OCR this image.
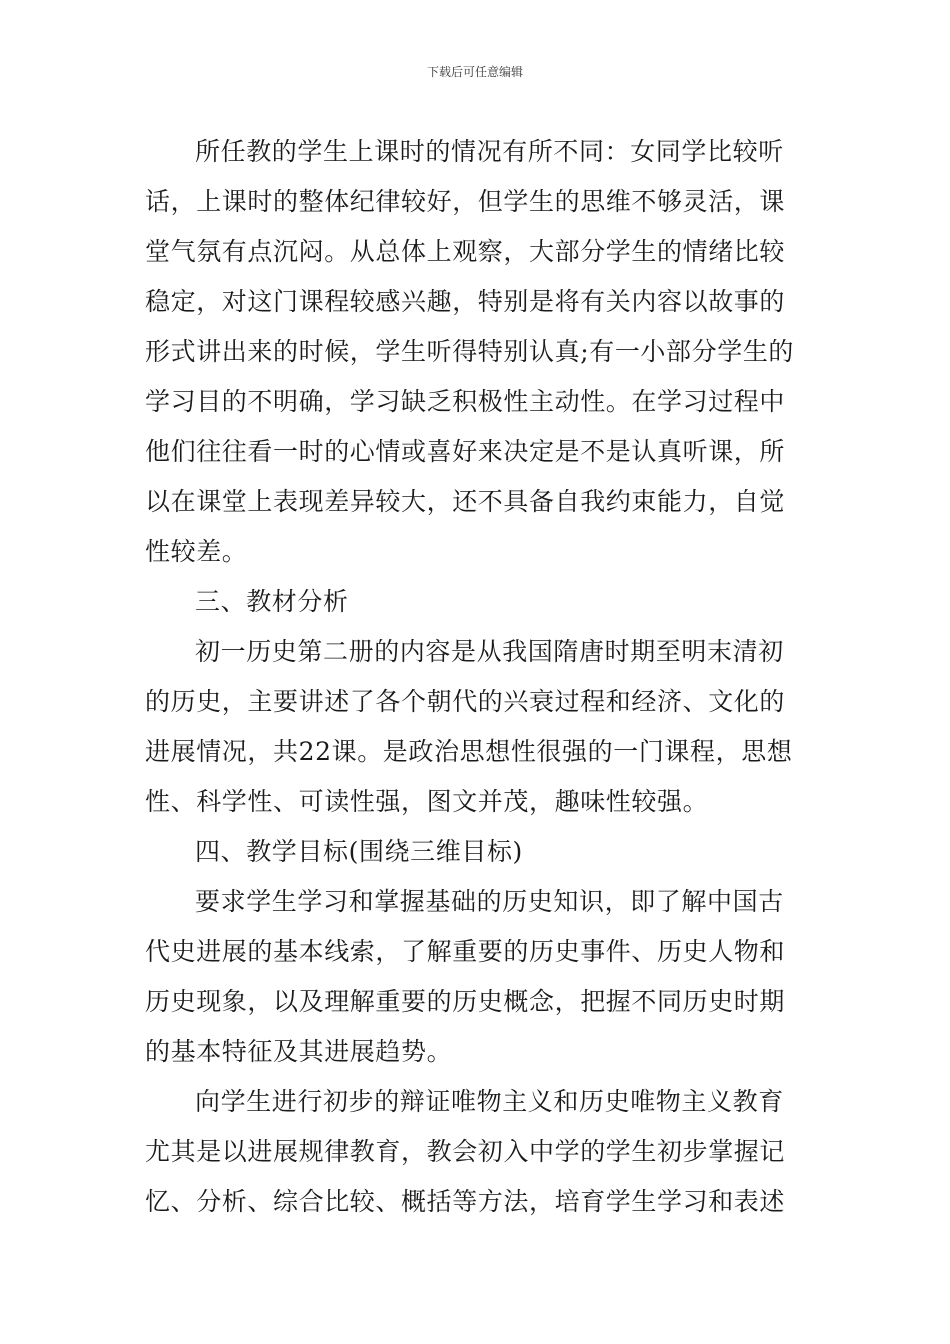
下载后可任意编辑
所任教的学生上课时的情况有所不同：女同学比较听
话，上课时的整体纪律较好，但学生的思维不够灵活，课
堂气氛有点沉闷。从总体上观察，大部分学生的情绪比较
稳定，对这门课程较感兴趣，特别是将有关内容以故事的
形式讲出来的时候，学生听得特别认真;有一小部分学生的
学习目的不明确，学习缺乏积极性主动性。在学习过程中
他们往往看一时的心情或喜好来决定是不是认真听课，所
以在课堂上表现差异较大，还不具备自我约束能力，自觉
性较差。
三、教材分析
初一历史第二册的内容是从我国隋唐时期至明末清初
的历史，主要讲述了各个朝代的兴衰过程和经济、文化的
进展情况，共22课。是政治思想性很强的一门课程，思想
性、科学性、可读性强，图文并茂，趣味性较强。
四、教学目标(围绕三维目标)
要求学生学习和掌握基础的历史知识，即了解中国古
代史进展的基本线索，了解重要的历史事件、历史人物和
历史现象，以及理解重要的历史概念，把握不同历史时期
的基本特征及其进展趋势。
向学生进行初步的辩证唯物主义和历史唯物主义教育
尤其是以进展规律教育，教会初入中学的学生初步掌握记
忆、分析、综合比较、概括等方法，培育学生学习和表述
